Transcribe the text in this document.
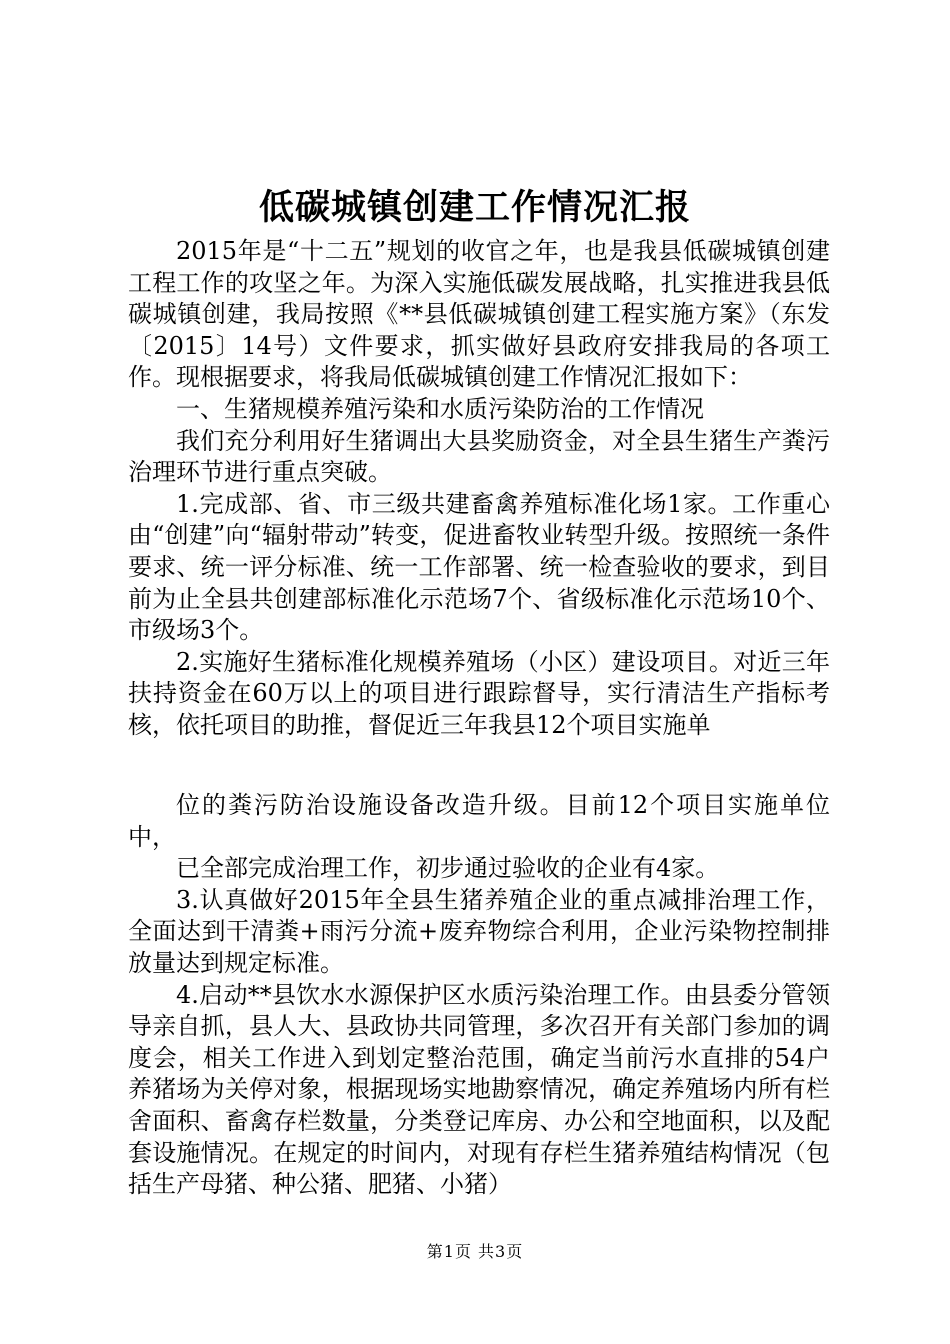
低碳城镇创建工作情况汇报

2015年是“十二五”规划的收官之年，也是我县低碳城镇创建工程工作的攻坚之年。为深入实施低碳发展战略，扎实推进我县低碳城镇创建，我局按照《**县低碳城镇创建工程实施方案》（东发〔2015〕14号）文件要求，抓实做好县政府安排我局的各项工作。现根据要求，将我局低碳城镇创建工作情况汇报如下：

一、生猪规模养殖污染和水质污染防治的工作情况

我们充分利用好生猪调出大县奖励资金，对全县生猪生产粪污治理环节进行重点突破。

1.完成部、省、市三级共建畜禽养殖标准化场1家。工作重心由“创建”向“辐射带动”转变，促进畜牧业转型升级。按照统一条件要求、统一评分标准、统一工作部署、统一检查验收的要求，到目前为止全县共创建部标准化示范场7个、省级标准化示范场10个、市级场3个。

2.实施好生猪标准化规模养殖场（小区）建设项目。对近三年扶持资金在60万以上的项目进行跟踪督导，实行清洁生产指标考核，依托项目的助推，督促近三年我县12个项目实施单

位的粪污防治设施设备改造升级。目前12个项目实施单位中，

已全部完成治理工作，初步通过验收的企业有4家。

3.认真做好2015年全县生猪养殖企业的重点减排治理工作，全面达到干清粪+雨污分流+废弃物综合利用，企业污染物控制排放量达到规定标准。

4.启动**县饮水水源保护区水质污染治理工作。由县委分管领导亲自抓，县人大、县政协共同管理，多次召开有关部门参加的调度会，相关工作进入到划定整治范围，确定当前污水直排的54户养猪场为关停对象，根据现场实地勘察情况，确定养殖场内所有栏舍面积、畜禽存栏数量，分类登记库房、办公和空地面积，以及配套设施情况。在规定的时间内，对现有存栏生猪养殖结构情况（包括生产母猪、种公猪、肥猪、小猪）

第1页 共3页
